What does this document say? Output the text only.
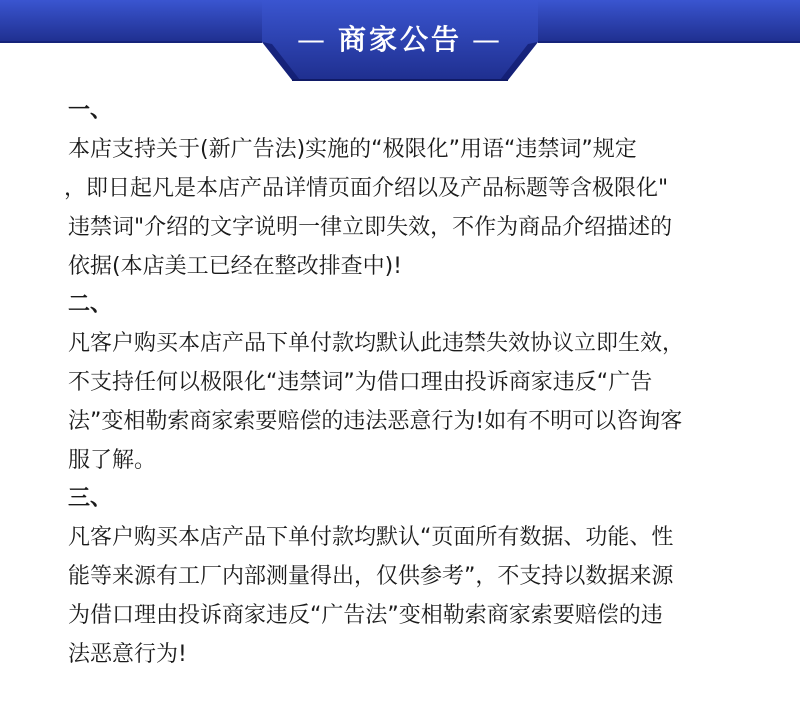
— 商家公告 —
一、
本店支持关于(新广告法)实施的“极限化”用语“违禁词”规定
，即日起凡是本店产品详情页面介绍以及产品标题等含极限化"
违禁词"介绍的文字说明一律立即失效，不作为商品介绍描述的
依据(本店美工已经在整改排查中)!
二、
凡客户购买本店产品下单付款均默认此违禁失效协议立即生效，
不支持任何以极限化“违禁词”为借口理由投诉商家违反“广告
法”变相勒索商家索要赔偿的违法恶意行为!如有不明可以咨询客
服了解。
三、
凡客户购买本店产品下单付款均默认“页面所有数据、功能、性
能等来源有工厂内部测量得出，仅供参考”，不支持以数据来源
为借口理由投诉商家违反“广告法”变相勒索商家索要赔偿的违
法恶意行为!
